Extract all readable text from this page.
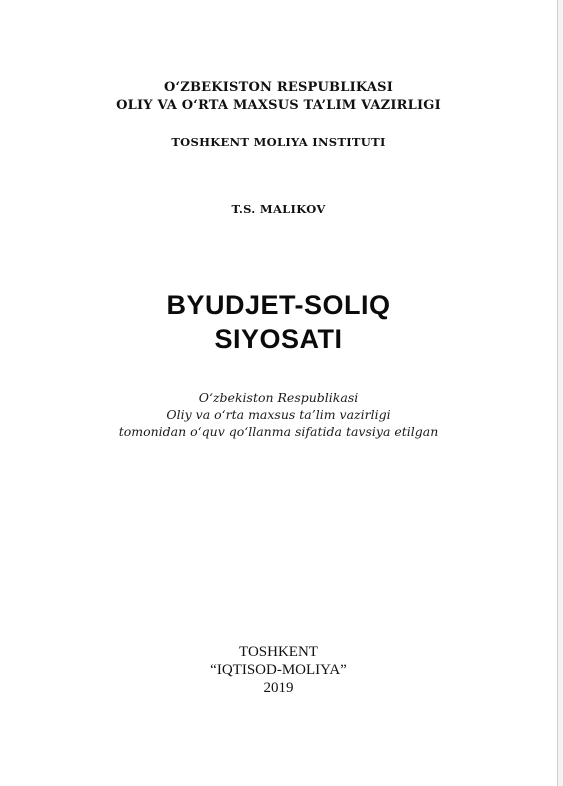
O‘ZBEKISTON RESPUBLIKASI
OLIY VA O‘RTA MAXSUS TA’LIM VAZIRLIGI
TOSHKENT MOLIYA INSTITUTI
T.S. MALIKOV
BYUDJET-SOLIQ
SIYOSATI
O‘zbekiston Respublikasi
Oliy va o‘rta maxsus ta’lim vazirligi
tomonidan o‘quv qo‘llanma sifatida tavsiya etilgan
TOSHKENT
“IQTISOD-MOLIYA”
2019
